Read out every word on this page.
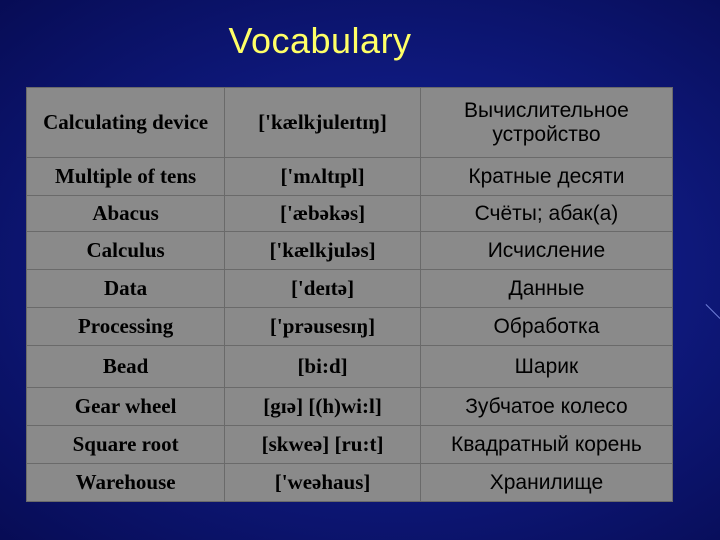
Vocabulary
Calculating device	['kælkjuleɪtɪŋ]	Вычислительное устройство
Multiple of tens	['mʌltɪpl]	Кратные десяти
Abacus	['æbəkəs]	Счёты; абак(а)
Calculus	['kælkjuləs]	Исчисление
Data	['deɪtə]	Данные
Processing	['prəusesɪŋ]	Обработка
Bead	[bi:d]	Шарик
Gear wheel	[gɪə] [(h)wi:l]	Зубчатое колесо
Square root	[skweə] [ru:t]	Квадратный корень
Warehouse	['weəhaus]	Хранилище
